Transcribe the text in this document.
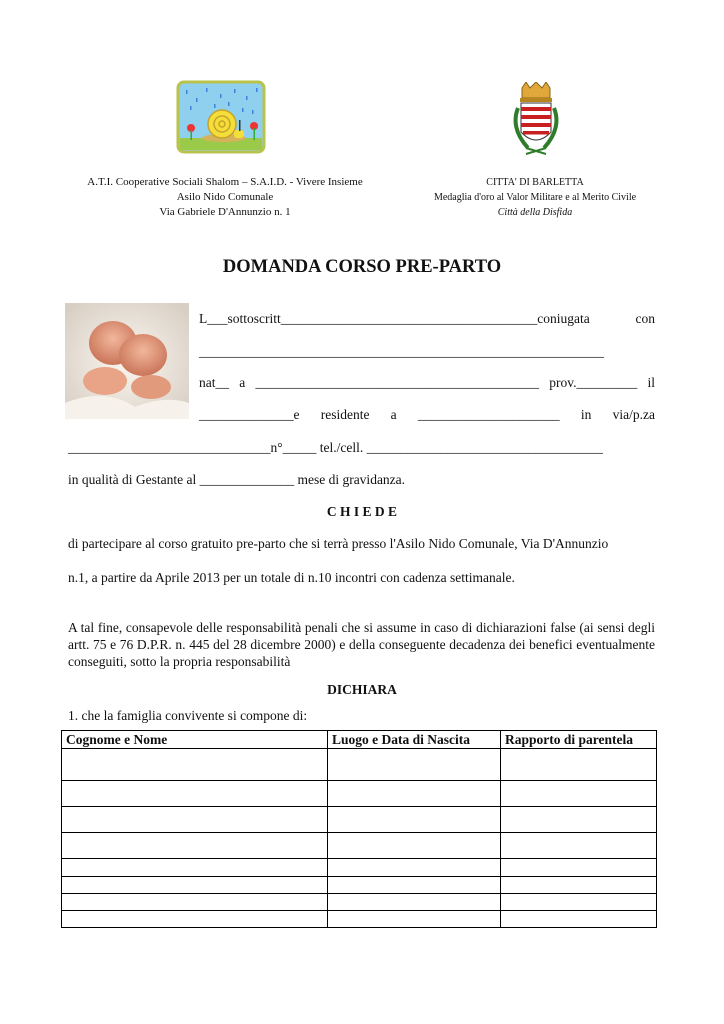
A.T.I. Cooperative Sociali Shalom – S.A.I.D. - Vivere Insieme
Asilo Nido Comunale
Via Gabriele D'Annunzio n. 1
CITTA' DI BARLETTA
Medaglia d'oro al Valor Militare e al Merito Civile
Città della Disfida
DOMANDA CORSO PRE-PARTO
L___sottoscritt______________________________________coniugata	con
____________________________________________________________
nat__ a __________________________________________ prov._________ il
______________e residente a _____________________ in via/p.za
______________________________n°_____ tel./cell. ___________________________________
in qualità di Gestante al ______________ mese di gravidanza.
C H I E D E
di partecipare al corso gratuito pre-parto che si terrà presso l'Asilo Nido Comunale, Via D'Annunzio
n.1, a partire da Aprile 2013 per un totale di n.10 incontri con cadenza settimanale.
A tal fine, consapevole delle responsabilità penali che si assume in caso di dichiarazioni false (ai sensi degli artt. 75 e 76 D.P.R. n. 445 del 28 dicembre 2000) e della conseguente decadenza dei benefici eventualmente conseguiti, sotto la propria responsabilità
DICHIARA
1. che la famiglia convivente si compone di:
Cognome e Nome	Luogo e Data di Nascita	Rapporto di parentela
